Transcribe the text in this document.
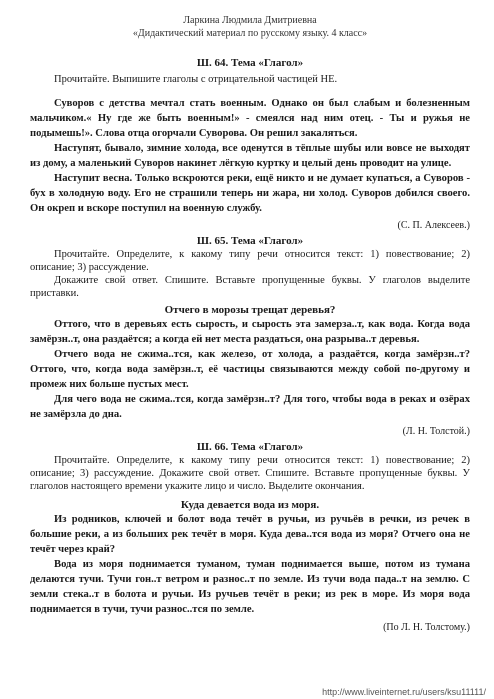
Ларкина Людмила Дмитриевна
«Дидактический материал по русскому языку. 4 класс»
Ш. 64. Тема «Глагол»

Прочитайте. Выпишите глаголы с отрицательной частицей НЕ.

Суворов с детства мечтал стать военным. Однако он был слабым и болезненным мальчиком.« Ну где же быть военным!» - смеялся над ним отец. - Ты и ружья не подымешь!». Слова отца огорчали Суворова. Он решил закаляться.

Наступят, бывало, зимние холода, все оденутся в тёплые шубы или вовсе не выходят из дому, а маленький Суворов накинет лёгкую куртку и целый день проводит на улице.

Наступит весна. Только вскроются реки, ещё никто и не думает купаться, а Суворов - бух в холодную воду. Его не страшили теперь ни жара, ни холод. Суворов добился своего. Он окреп и вскоре поступил на военную службу.

(С. П. Алексеев.)

Ш. 65. Тема «Глагол»

Прочитайте. Определите, к какому типу речи относится текст: 1) повествование; 2) описание; 3) рассуждение.

Докажите свой ответ. Спишите. Вставьте пропущенные буквы. У глаголов выделите приставки.

Отчего в морозы трещат деревья?

Оттого, что в деревьях есть сырость, и сырость эта замерза..т, как вода. Когда вода замёрзн..т, она раздаётся; а когда ей нет места раздаться, она разрыва..т деревья.

Отчего вода не сжима..тся, как железо, от холода, а раздаётся, когда замёрзн..т? Оттого, что, когда вода замёрзн..т, её частицы связываются между собой по-другому и промеж них больше пустых мест.

Для чего вода не сжима..тся, когда замёрзн..т? Для того, чтобы вода в реках и озёрах не замёрзла до дна.

(Л. Н. Толстой.)

Ш. 66. Тема «Глагол»

Прочитайте. Определите, к какому типу речи относится текст: 1) повествование; 2) описание; 3) рассуждение. Докажите свой ответ. Спишите. Вставьте пропущенные буквы. У глаголов настоящего времени укажите лицо и число. Выделите окончания.

Куда девается вода из моря.

Из родников, ключей и болот вода течёт в ручьи, из ручьёв в речки, из речек в большие реки, а из больших рек течёт в моря. Куда дева..тся вода из моря? Отчего она не течёт через край?

Вода из моря поднимается туманом, туман поднимается выше, потом из тумана делаются тучи. Тучи гон..т ветром и разнос..т по земле. Из тучи вода пада..т на землю. С земли стека..т в болота и ручьи. Из ручьев течёт в реки; из рек в море. Из моря вода поднимается в тучи, тучи разнос..тся по земле.

(По Л. Н. Толстому.)

http://www.liveinternet.ru/users/ksu11111/
